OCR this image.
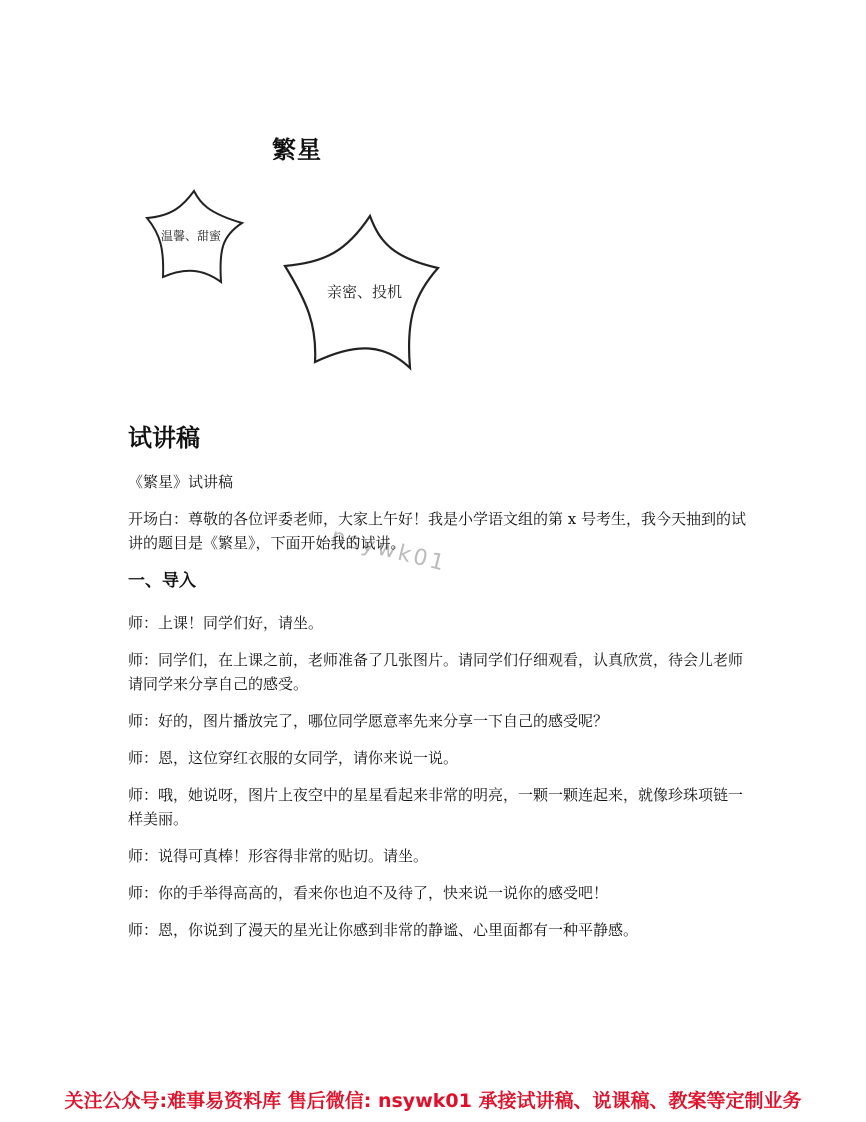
繁星
温馨、甜蜜
亲密、投机
试讲稿
nsywk01

《繁星》试讲稿

开场白：尊敬的各位评委老师，大家上午好！我是小学语文组的第 x 号考生，我今天抽到的试讲的题目是《繁星》，下面开始我的试讲。

一、导入

师：上课！同学们好，请坐。

师：同学们，在上课之前，老师准备了几张图片。请同学们仔细观看，认真欣赏，待会儿老师请同学来分享自己的感受。

师：好的，图片播放完了，哪位同学愿意率先来分享一下自己的感受呢？

师：恩，这位穿红衣服的女同学，请你来说一说。

师：哦，她说呀，图片上夜空中的星星看起来非常的明亮，一颗一颗连起来，就像珍珠项链一样美丽。

师：说得可真棒！形容得非常的贴切。请坐。

师：你的手举得高高的，看来你也迫不及待了，快来说一说你的感受吧！

师：恩，你说到了漫天的星光让你感到非常的静谧、心里面都有一种平静感。

关注公众号:难事易资料库 售后微信: nsywk01 承接试讲稿、说课稿、教案等定制业务
